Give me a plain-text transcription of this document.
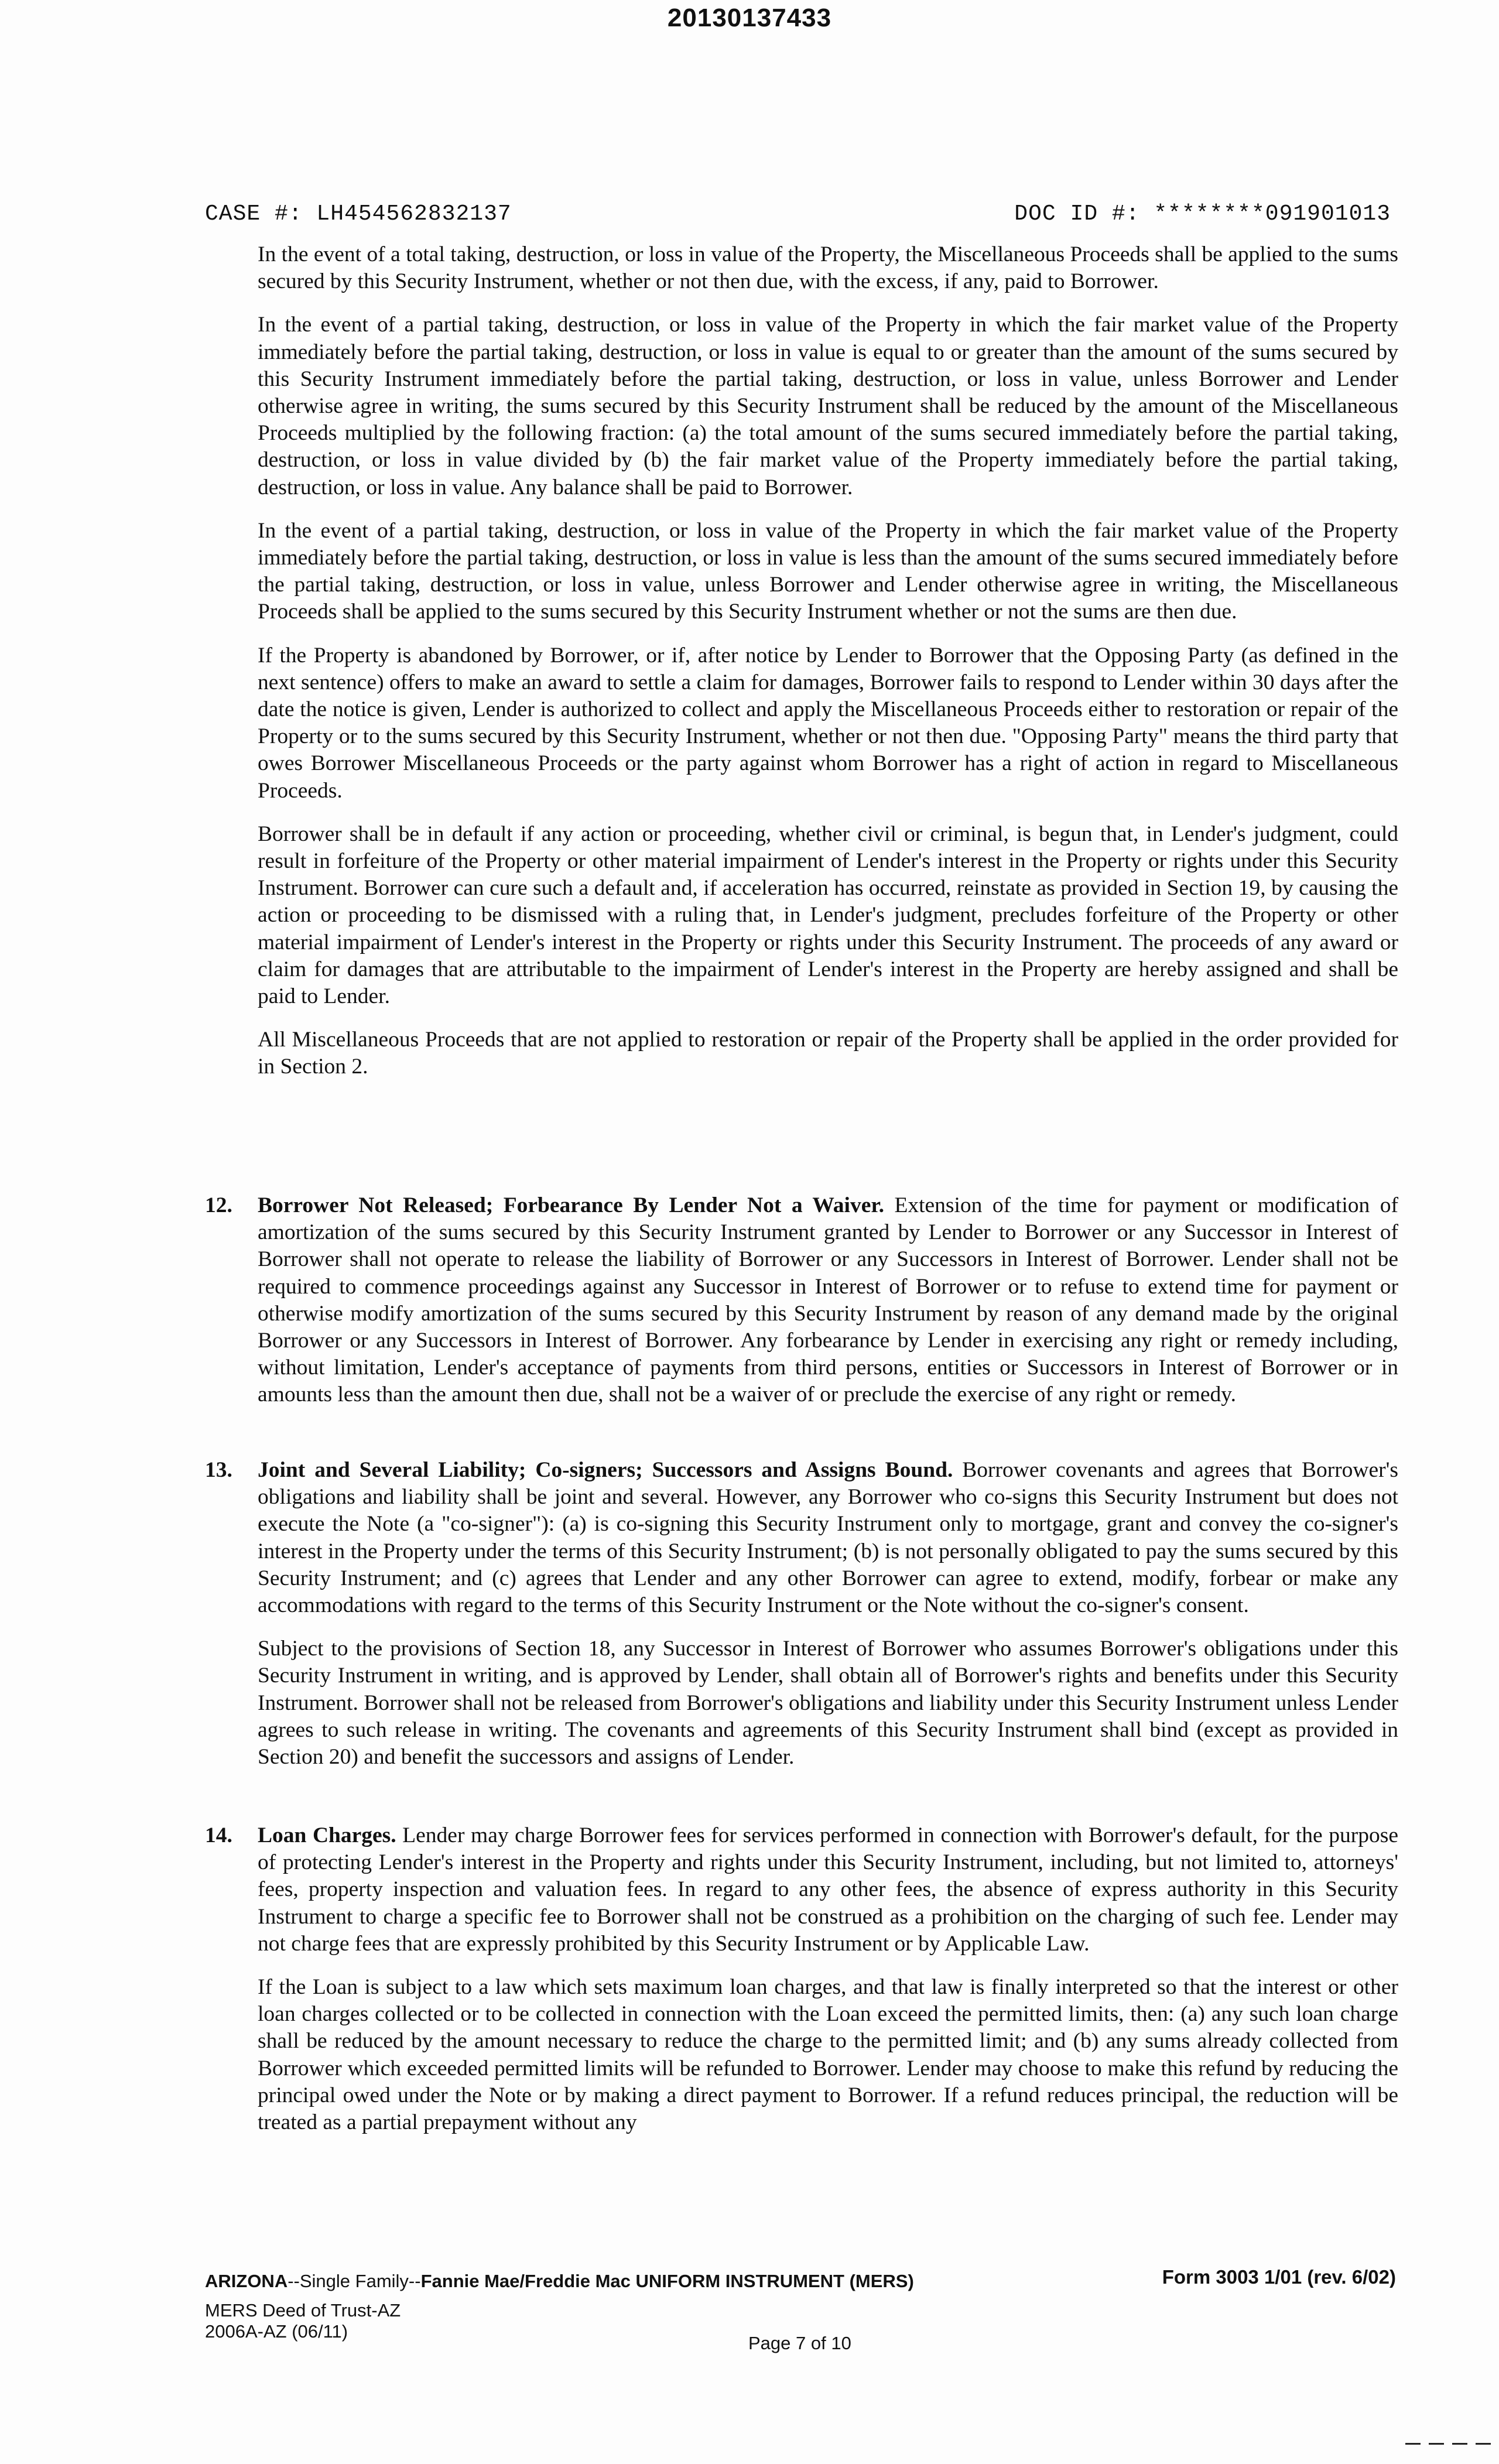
20130137433
CASE #: LH454562832137	DOC ID #: ********091901013

In the event of a total taking, destruction, or loss in value of the Property, the Miscellaneous Proceeds shall be applied to the sums secured by this Security Instrument, whether or not then due, with the excess, if any, paid to Borrower.

In the event of a partial taking, destruction, or loss in value of the Property in which the fair market value of the Property immediately before the partial taking, destruction, or loss in value is equal to or greater than the amount of the sums secured by this Security Instrument immediately before the partial taking, destruction, or loss in value, unless Borrower and Lender otherwise agree in writing, the sums secured by this Security Instrument shall be reduced by the amount of the Miscellaneous Proceeds multiplied by the following fraction: (a) the total amount of the sums secured immediately before the partial taking, destruction, or loss in value divided by (b) the fair market value of the Property immediately before the partial taking, destruction, or loss in value. Any balance shall be paid to Borrower.

In the event of a partial taking, destruction, or loss in value of the Property in which the fair market value of the Property immediately before the partial taking, destruction, or loss in value is less than the amount of the sums secured immediately before the partial taking, destruction, or loss in value, unless Borrower and Lender otherwise agree in writing, the Miscellaneous Proceeds shall be applied to the sums secured by this Security Instrument whether or not the sums are then due.

If the Property is abandoned by Borrower, or if, after notice by Lender to Borrower that the Opposing Party (as defined in the next sentence) offers to make an award to settle a claim for damages, Borrower fails to respond to Lender within 30 days after the date the notice is given, Lender is authorized to collect and apply the Miscellaneous Proceeds either to restoration or repair of the Property or to the sums secured by this Security Instrument, whether or not then due. "Opposing Party" means the third party that owes Borrower Miscellaneous Proceeds or the party against whom Borrower has a right of action in regard to Miscellaneous Proceeds.

Borrower shall be in default if any action or proceeding, whether civil or criminal, is begun that, in Lender's judgment, could result in forfeiture of the Property or other material impairment of Lender's interest in the Property or rights under this Security Instrument. Borrower can cure such a default and, if acceleration has occurred, reinstate as provided in Section 19, by causing the action or proceeding to be dismissed with a ruling that, in Lender's judgment, precludes forfeiture of the Property or other material impairment of Lender's interest in the Property or rights under this Security Instrument. The proceeds of any award or claim for damages that are attributable to the impairment of Lender's interest in the Property are hereby assigned and shall be paid to Lender.

All Miscellaneous Proceeds that are not applied to restoration or repair of the Property shall be applied in the order provided for in Section 2.

12. Borrower Not Released; Forbearance By Lender Not a Waiver. Extension of the time for payment or modification of amortization of the sums secured by this Security Instrument granted by Lender to Borrower or any Successor in Interest of Borrower shall not operate to release the liability of Borrower or any Successors in Interest of Borrower. Lender shall not be required to commence proceedings against any Successor in Interest of Borrower or to refuse to extend time for payment or otherwise modify amortization of the sums secured by this Security Instrument by reason of any demand made by the original Borrower or any Successors in Interest of Borrower. Any forbearance by Lender in exercising any right or remedy including, without limitation, Lender's acceptance of payments from third persons, entities or Successors in Interest of Borrower or in amounts less than the amount then due, shall not be a waiver of or preclude the exercise of any right or remedy.

13. Joint and Several Liability; Co-signers; Successors and Assigns Bound. Borrower covenants and agrees that Borrower's obligations and liability shall be joint and several. However, any Borrower who co-signs this Security Instrument but does not execute the Note (a "co-signer"): (a) is co-signing this Security Instrument only to mortgage, grant and convey the co-signer's interest in the Property under the terms of this Security Instrument; (b) is not personally obligated to pay the sums secured by this Security Instrument; and (c) agrees that Lender and any other Borrower can agree to extend, modify, forbear or make any accommodations with regard to the terms of this Security Instrument or the Note without the co-signer's consent.

Subject to the provisions of Section 18, any Successor in Interest of Borrower who assumes Borrower's obligations under this Security Instrument in writing, and is approved by Lender, shall obtain all of Borrower's rights and benefits under this Security Instrument. Borrower shall not be released from Borrower's obligations and liability under this Security Instrument unless Lender agrees to such release in writing. The covenants and agreements of this Security Instrument shall bind (except as provided in Section 20) and benefit the successors and assigns of Lender.

14. Loan Charges. Lender may charge Borrower fees for services performed in connection with Borrower's default, for the purpose of protecting Lender's interest in the Property and rights under this Security Instrument, including, but not limited to, attorneys' fees, property inspection and valuation fees. In regard to any other fees, the absence of express authority in this Security Instrument to charge a specific fee to Borrower shall not be construed as a prohibition on the charging of such fee. Lender may not charge fees that are expressly prohibited by this Security Instrument or by Applicable Law.

If the Loan is subject to a law which sets maximum loan charges, and that law is finally interpreted so that the interest or other loan charges collected or to be collected in connection with the Loan exceed the permitted limits, then: (a) any such loan charge shall be reduced by the amount necessary to reduce the charge to the permitted limit; and (b) any sums already collected from Borrower which exceeded permitted limits will be refunded to Borrower. Lender may choose to make this refund by reducing the principal owed under the Note or by making a direct payment to Borrower. If a refund reduces principal, the reduction will be treated as a partial prepayment without any

ARIZONA--Single Family--Fannie Mae/Freddie Mac UNIFORM INSTRUMENT (MERS)	Form 3003 1/01 (rev. 6/02)
MERS Deed of Trust-AZ
2006A-AZ (06/11)
Page 7 of 10
